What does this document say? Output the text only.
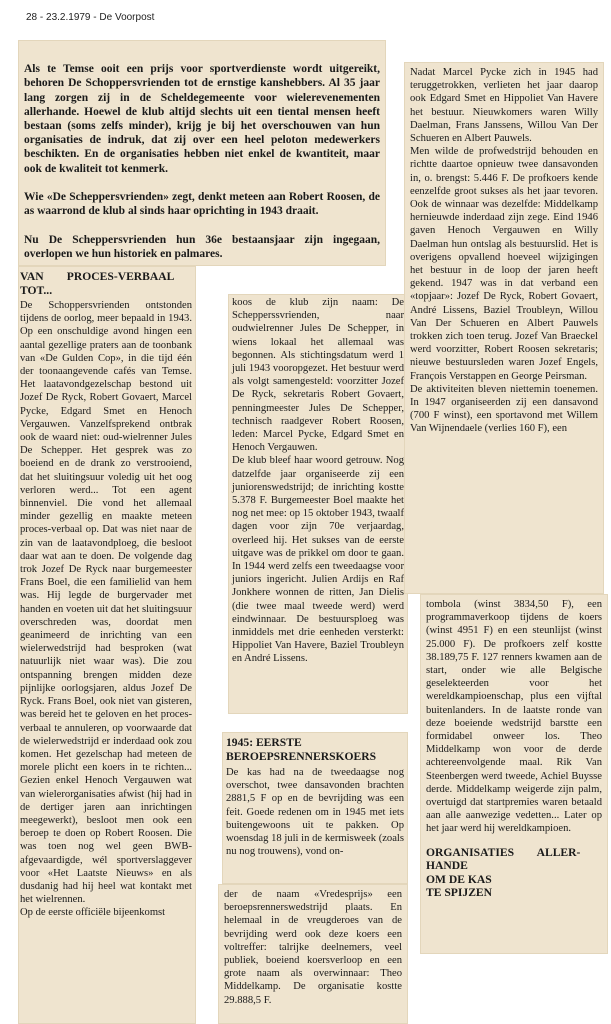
28 - 23.2.1979 - De Voorpost

Als te Temse ooit een prijs voor sportverdienste wordt uitgereikt, behoren De Schoppersvrienden tot de ernstige kanshebbers. Al 35 jaar lang zorgen zij in de Scheldegemeente voor wielerevenementen allerhande. Hoewel de klub altijd slechts uit een tiental mensen heeft bestaan (soms zelfs minder), krijg je bij het overschouwen van hun organisaties de indruk, dat zij over een heel peloton medewerkers beschikten. En de organisaties hebben niet enkel de kwantiteit, maar ook de kwaliteit tot kenmerk.

Wie «De Scheppersvrienden» zegt, denkt meteen aan Robert Roosen, de as waarrond de klub al sinds haar oprichting in 1943 draait.

Nu De Scheppersvrienden hun 36e bestaansjaar zijn ingegaan, overlopen we hun historiek en palmares.

VAN        PROCES-VERBAAL
TOT...
De Schoppersvrienden ontstonden tijdens de oorlog, meer bepaald in 1943. Op een onschuldige avond hingen een aantal gezellige praters aan de toonbank van «De Gulden Cop», in die tijd één der toonaangevende cafés van Temse. Het laatavondgezelschap bestond uit Jozef De Ryck, Robert Govaert, Marcel Pycke, Edgard Smet en Henoch Vergauwen. Vanzelfsprekend ontbrak ook de waard niet: oud-wielrenner Jules De Schepper. Het gesprek was zo boeiend en de drank zo verstrooiend, dat het sluitingsuur voledig uit het oog verloren werd... Tot een agent binnenviel. Die vond het allemaal minder gezellig en maakte meteen proces-verbaal op. Dat was niet naar de zin van de laatavondploeg, die besloot daar wat aan te doen. De volgende dag trok Jozef De Ryck naar burgemeester Frans Boel, die een familielid van hem was. Hij legde de burgervader met handen en voeten uit dat het sluitingsuur overschreden was, doordat men geanimeerd de inrichting van een wielerwedstrijd had besproken (wat natuurlijk niet waar was). Die zou ontspanning brengen midden deze pijnlijke oorlogsjaren, aldus Jozef De Ryck. Frans Boel, ook niet van gisteren, was bereid het te geloven en het proces-verbaal te annuleren, op voorwaarde dat de wielerwedstrijd er inderdaad ook zou komen. Het gezelschap had meteen de morele plicht een koers in te richten... Gezien enkel Henoch Vergauwen wat van wielerorganisaties afwist (hij had in de dertiger jaren aan inrichtingen meegewerkt), besloot men ook een beroep te doen op Robert Roosen. Die was toen nog wel geen BWB-afgevaardigde, wél sportverslaggever voor «Het Laatste Nieuws» en als dusdanig had hij heel wat kontakt met het wielrennen.
Op de eerste officiële bijeenkomst
koos de klub zijn naam: De Schepperssvrienden, naar oudwielrenner Jules De Schepper, in wiens lokaal het allemaal was begonnen. Als stichtingsdatum werd 1 juli 1943 vooropgezet. Het bestuur werd als volgt samengesteld: voorzitter Jozef De Ryck, sekretaris Robert Govaert, penningmeester Jules De Schepper, technisch raadgever Robert Roosen, leden: Marcel Pycke, Edgard Smet en Henoch Vergauwen.
De klub bleef haar woord getrouw. Nog datzelfde jaar organiseerde zij een juniorenswedstrijd; de inrichting kostte 5.378 F. Burgemeester Boel maakte het nog net mee: op 15 oktober 1943, twaalf dagen voor zijn 70e verjaardag, overleed hij. Het sukses van de eerste uitgave was de prikkel om door te gaan. In 1944 werd zelfs een tweedaagse voor juniors ingericht. Julien Ardijs en Raf Jonkhere wonnen de ritten, Jan Dielis (die twee maal tweede werd) werd eindwinnaar. De bestuursploeg was inmiddels met drie eenheden versterkt: Hippoliet Van Havere, Baziel Troubleyn en André Lissens.
1945: EERSTE
BEROEPSRENNERSKOERS
De kas had na de tweedaagse nog overschot, twee dansavonden brachten 2881,5 F op en de bevrijding was een feit. Goede redenen om in 1945 met iets buitengewoons uit te pakken. Op woensdag 18 juli in de kermisweek (zoals nu nog trouwens), vond on-
der de naam «Vredesprijs» een beroepsrennerswedstrijd plaats. En helemaal in de vreugderoes van de bevrijding werd ook deze koers een voltreffer: talrijke deelnemers, veel publiek, boeiend koersverloop en een grote naam als overwinnaar: Theo Middelkamp. De organisatie kostte 29.888,5 F.
Nadat Marcel Pycke zich in 1945 had teruggetrokken, verlieten het jaar daarop ook Edgard Smet en Hippoliet Van Havere het bestuur. Nieuwkomers waren Willy Daelman, Frans Janssens, Willou Van Der Schueren en Albert Pauwels.
Men wilde de profwedstrijd behouden en richtte daartoe opnieuw twee dansavonden in, o. brengst: 5.446 F. De profkoers kende eenzelfde groot sukses als het jaar tevoren. Ook de winnaar was dezelfde: Middelkamp hernieuwde inderdaad zijn zege. Eind 1946 gaven Henoch Vergauwen en Willy Daelman hun ontslag als bestuurslid. Het is overigens opvallend hoeveel wijzigingen het bestuur in de loop der jaren heeft gekend. 1947 was in dat verband een «topjaar»: Jozef De Ryck, Robert Govaert, André Lissens, Baziel Troubleyn, Willou Van Der Schueren en Albert Pauwels trokken zich toen terug. Jozef Van Braeckel werd voorzitter, Robert Roosen sekretaris; nieuwe bestuursleden waren Jozef Engels, François Verstappen en George Peirsman.
De aktiviteiten bleven niettemin toenemen. In 1947 organiseerden zij een dansavond (700 F winst), een sportavond met Willem Van Wijnendaele (verlies 160 F), een
tombola (winst 3834,50 F), een programmaverkoop tijdens de koers (winst 4951 F) en een steunlijst (winst 25.000 F). De profkoers zelf kostte 38.189,75 F. 127 renners kwamen aan de start, onder wie alle Belgische geselekteerden voor het wereldkampioenschap, plus een vijftal buitenlanders. In de laatste ronde van deze boeiende wedstrijd barstte een formidabel onweer los. Theo Middelkamp won voor de derde achtereenvolgende maal. Rik Van Steenbergen werd tweede, Achiel Buysse derde. Middelkamp weigerde zijn palm, overtuigd dat startpremies waren betaald aan alle aanwezige vedetten... Later op het jaar werd hij wereldkampioen.
ORGANISATIES        ALLER-
HANDE
OM DE KAS
TE SPIJZEN
